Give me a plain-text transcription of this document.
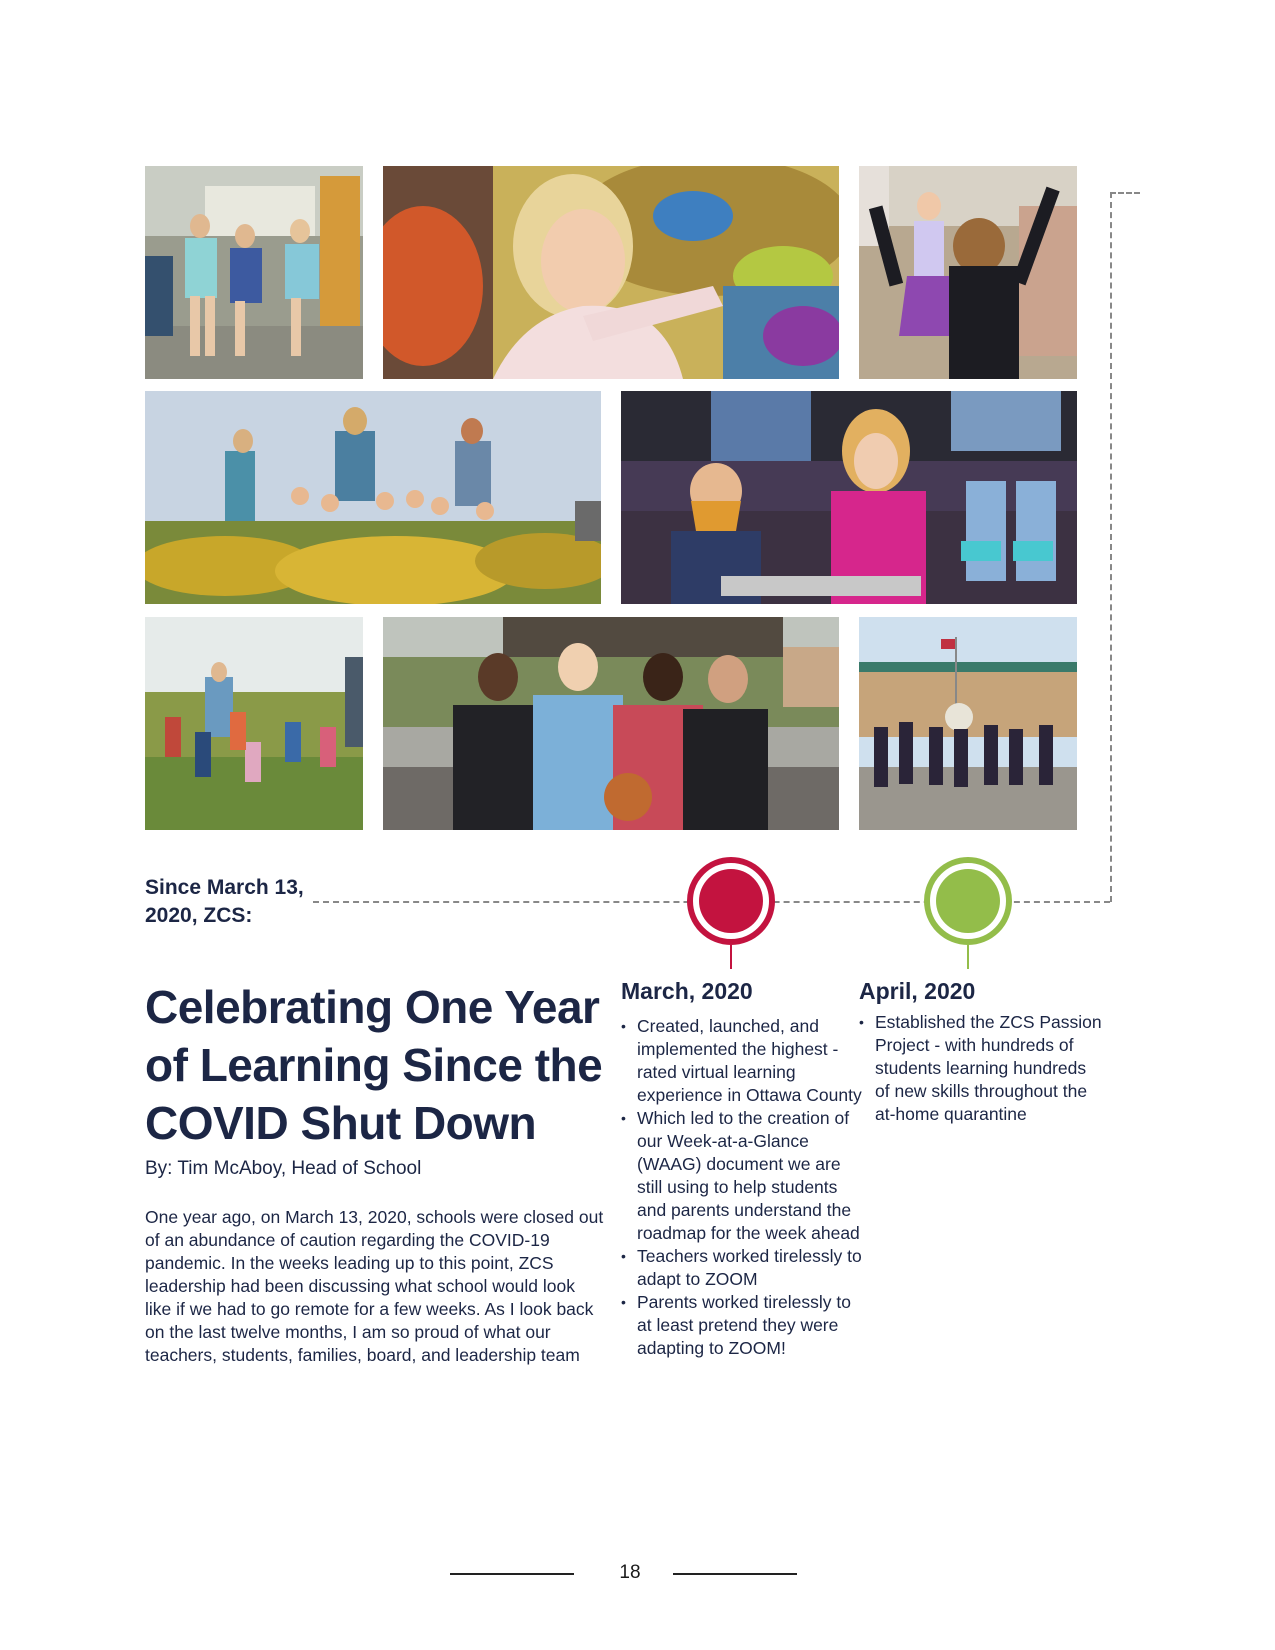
Since March 13, 2020, ZCS:
Celebrating One Year of Learning Since the COVID Shut Down

By: Tim McAboy, Head of School

One year ago, on March 13, 2020, schools were closed out of an abundance of caution regarding the COVID-19 pandemic. In the weeks leading up to this point, ZCS leadership had been discussing what school would look like if we had to go remote for a few weeks. As I look back on the last twelve months, I am so proud of what our teachers, students, families, board, and leadership team

March, 2020
• Created, launched, and implemented the highest -rated virtual learning experience in Ottawa County
• Which led to the creation of our Week-at-a-Glance (WAAG) document we are still using to help students and parents understand the roadmap for the week ahead
• Teachers worked tirelessly to adapt to ZOOM
• Parents worked tirelessly to at least pretend they were adapting to ZOOM!
April, 2020
• Established the ZCS Passion Project - with hundreds of students learning hundreds of new skills throughout the at-home quarantine
18
